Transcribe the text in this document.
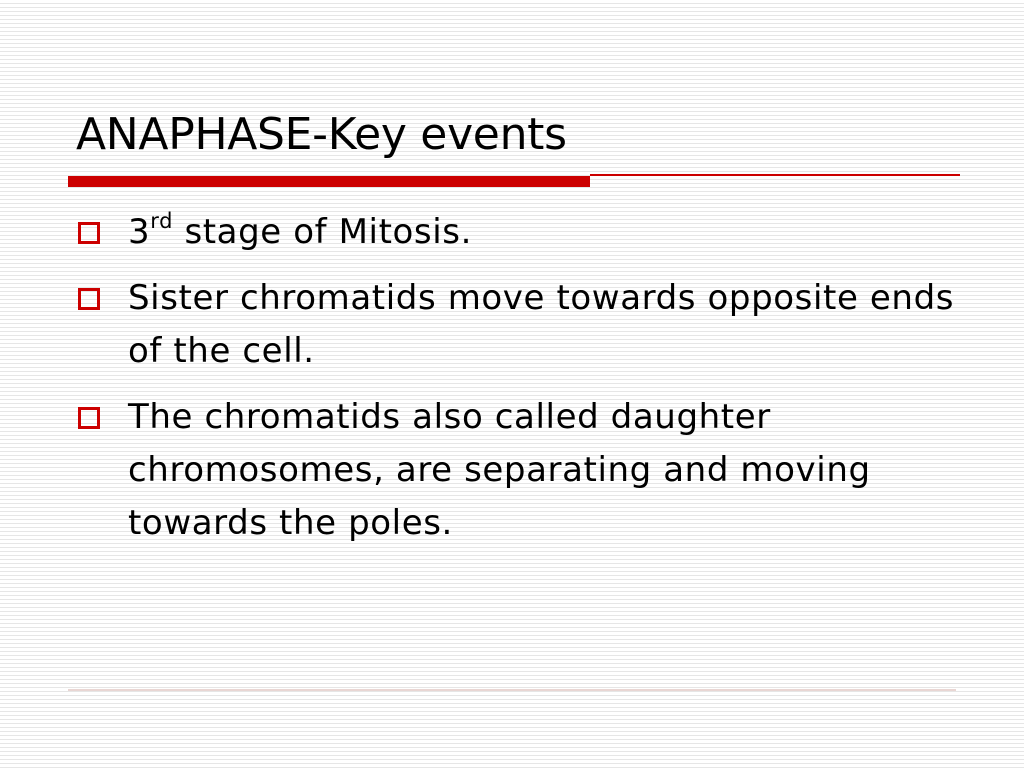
ANAPHASE-Key events
3rd stage of Mitosis.
Sister chromatids move towards opposite ends of the cell.
The chromatids also called daughter chromosomes, are separating and moving towards the poles.
